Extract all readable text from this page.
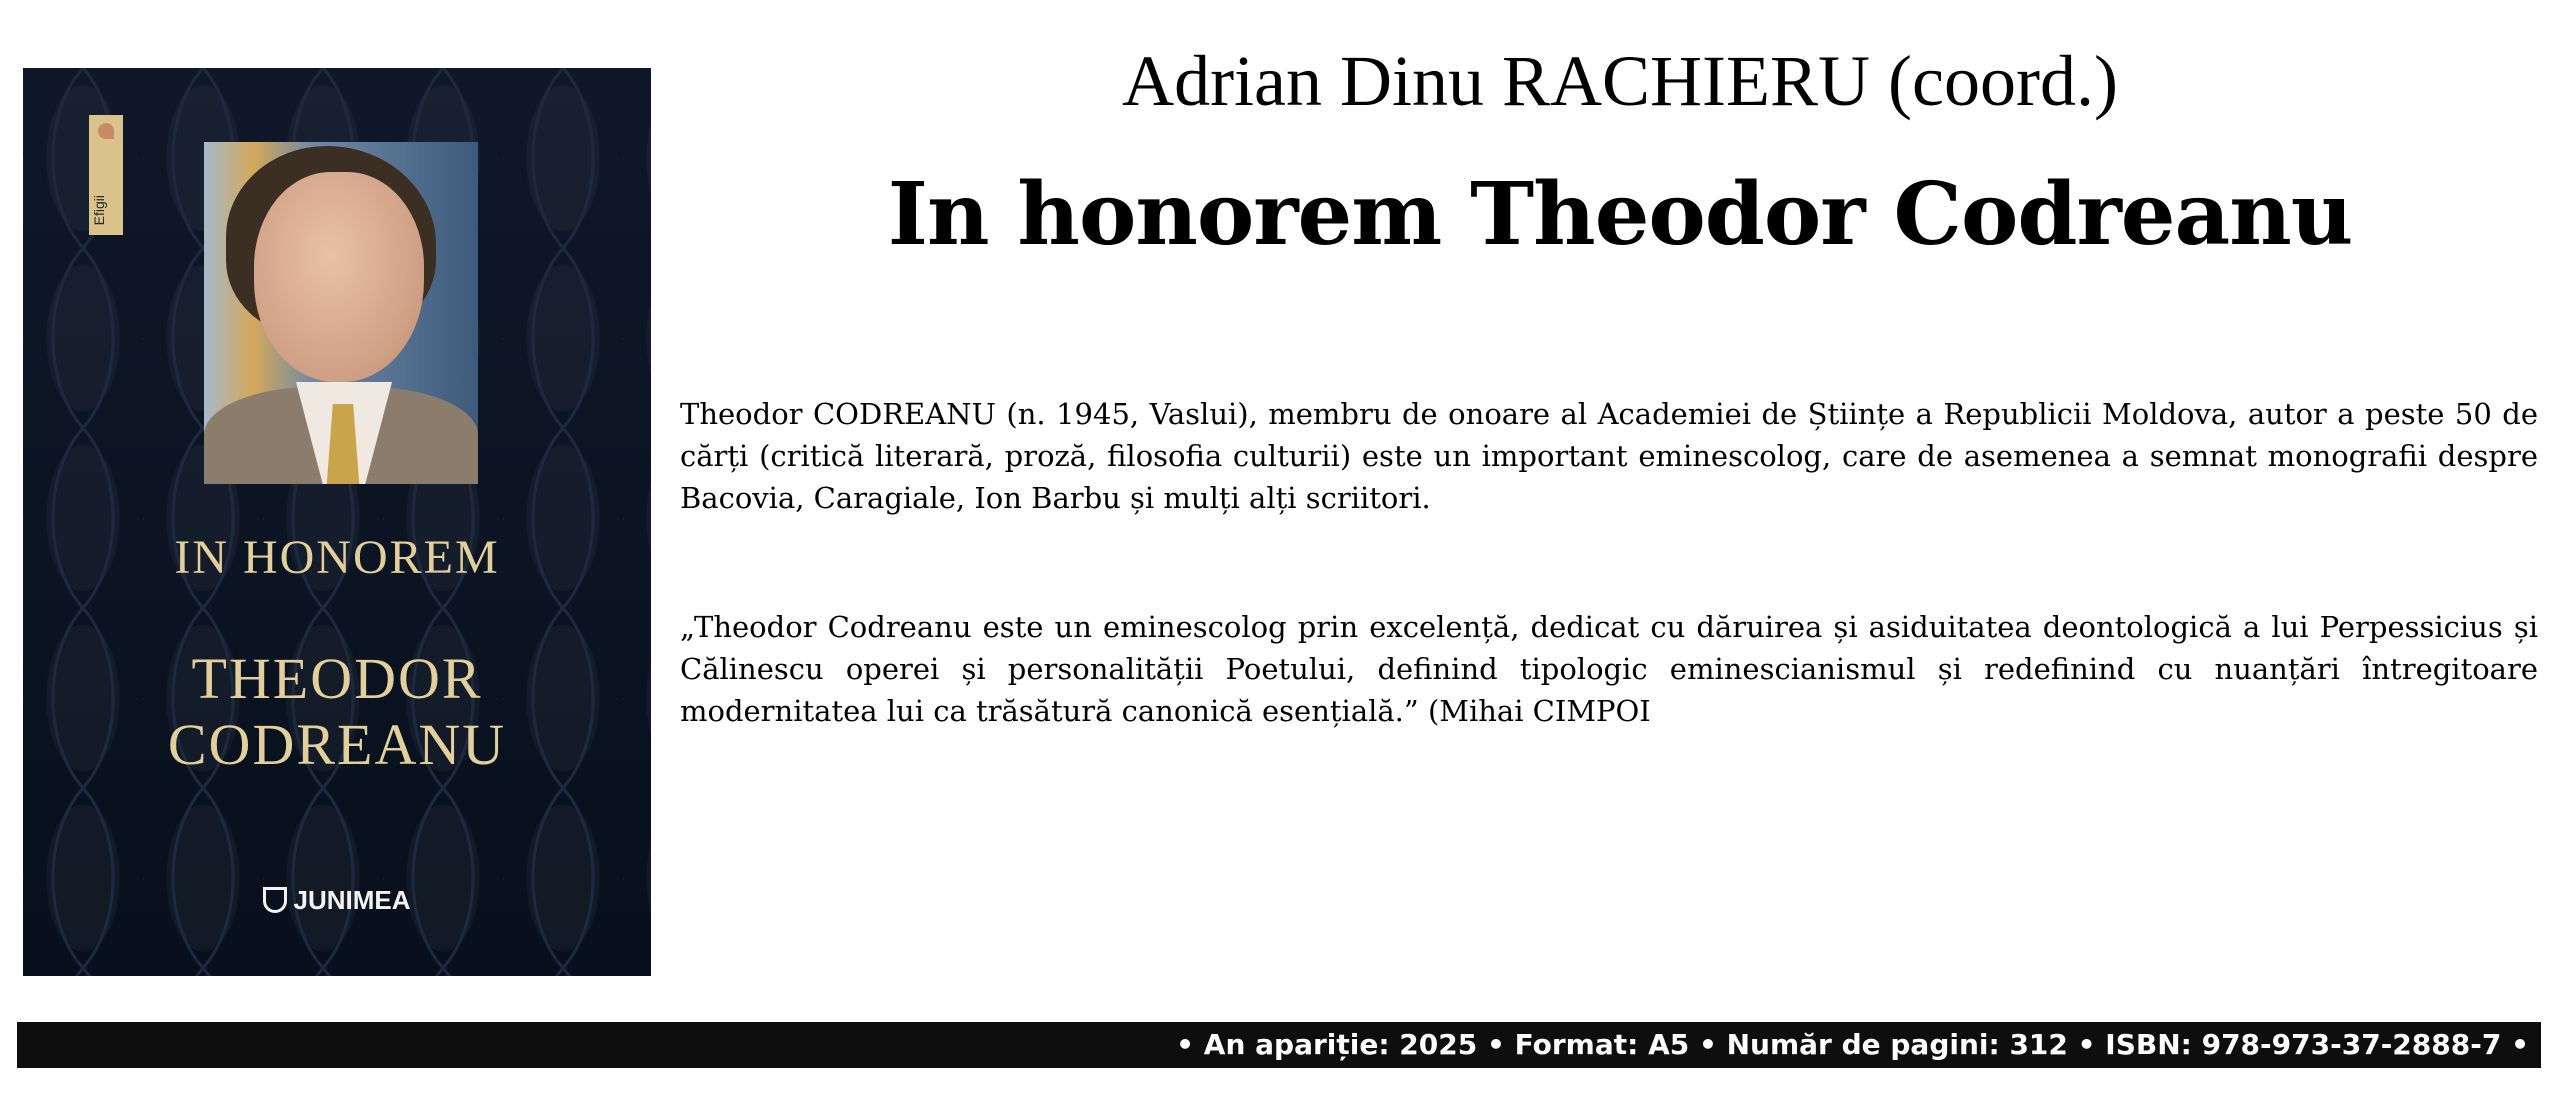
Efigii
IN HONOREM
THEODOR
CODREANU
JUNIMEA
Adrian Dinu RACHIERU (coord.)
In honorem Theodor Codreanu

Theodor CODREANU (n. 1945, Vaslui), membru de onoare al Academiei de Științe a Republicii Moldova, autor a peste 50 de cărți (critică literară, proză, filosofia culturii) este un important eminescolog, care de asemenea a semnat monografii despre Bacovia, Caragiale, Ion Barbu și mulți alți scriitori.

„Theodor Codreanu este un eminescolog prin excelență, dedicat cu dăruirea și asiduitatea deontologică a lui Perpessicius și Călinescu operei și personalității Poetului, definind tipologic eminescianismul și redefinind cu nuanțări întregitoare modernitatea lui ca trăsătură canonică esențială.” (Mihai CIMPOI

• An apariție: 2025 • Format: A5 • Număr de pagini: 312 • ISBN: 978-973-37-2888-7 •
